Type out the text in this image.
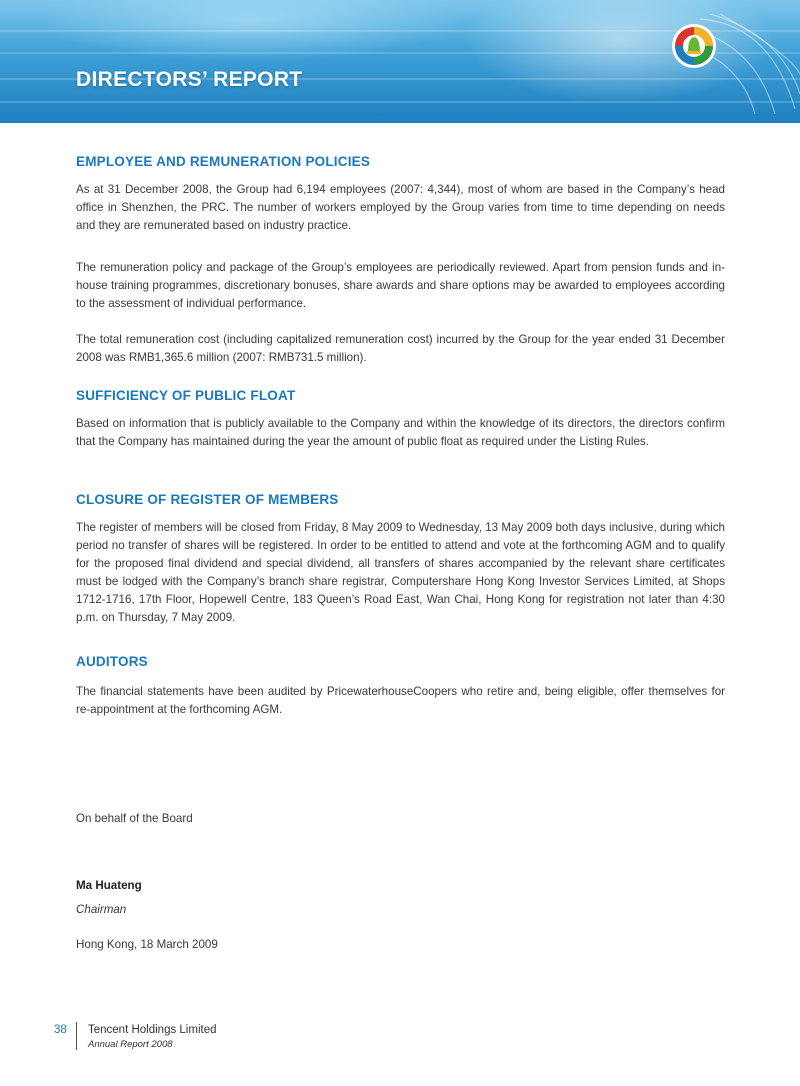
DIRECTORS’ REPORT
EMPLOYEE AND REMUNERATION POLICIES

As at 31 December 2008, the Group had 6,194 employees (2007: 4,344), most of whom are based in the Company’s head office in Shenzhen, the PRC. The number of workers employed by the Group varies from time to time depending on needs and they are remunerated based on industry practice.

The remuneration policy and package of the Group’s employees are periodically reviewed. Apart from pension funds and in-house training programmes, discretionary bonuses, share awards and share options may be awarded to employees according to the assessment of individual performance.

The total remuneration cost (including capitalized remuneration cost) incurred by the Group for the year ended 31 December 2008 was RMB1,365.6 million (2007: RMB731.5 million).

SUFFICIENCY OF PUBLIC FLOAT

Based on information that is publicly available to the Company and within the knowledge of its directors, the directors confirm that the Company has maintained during the year the amount of public float as required under the Listing Rules.

CLOSURE OF REGISTER OF MEMBERS

The register of members will be closed from Friday, 8 May 2009 to Wednesday, 13 May 2009 both days inclusive, during which period no transfer of shares will be registered. In order to be entitled to attend and vote at the forthcoming AGM and to qualify for the proposed final dividend and special dividend, all transfers of shares accompanied by the relevant share certificates must be lodged with the Company’s branch share registrar, Computershare Hong Kong Investor Services Limited, at Shops 1712-1716, 17th Floor, Hopewell Centre, 183 Queen’s Road East, Wan Chai, Hong Kong for registration not later than 4:30 p.m. on Thursday, 7 May 2009.

AUDITORS

The financial statements have been audited by PricewaterhouseCoopers who retire and, being eligible, offer themselves for re-appointment at the forthcoming AGM.

On behalf of the Board
Ma Huateng
Chairman
Hong Kong, 18 March 2009
38 Tencent Holdings Limited
Annual Report 2008
